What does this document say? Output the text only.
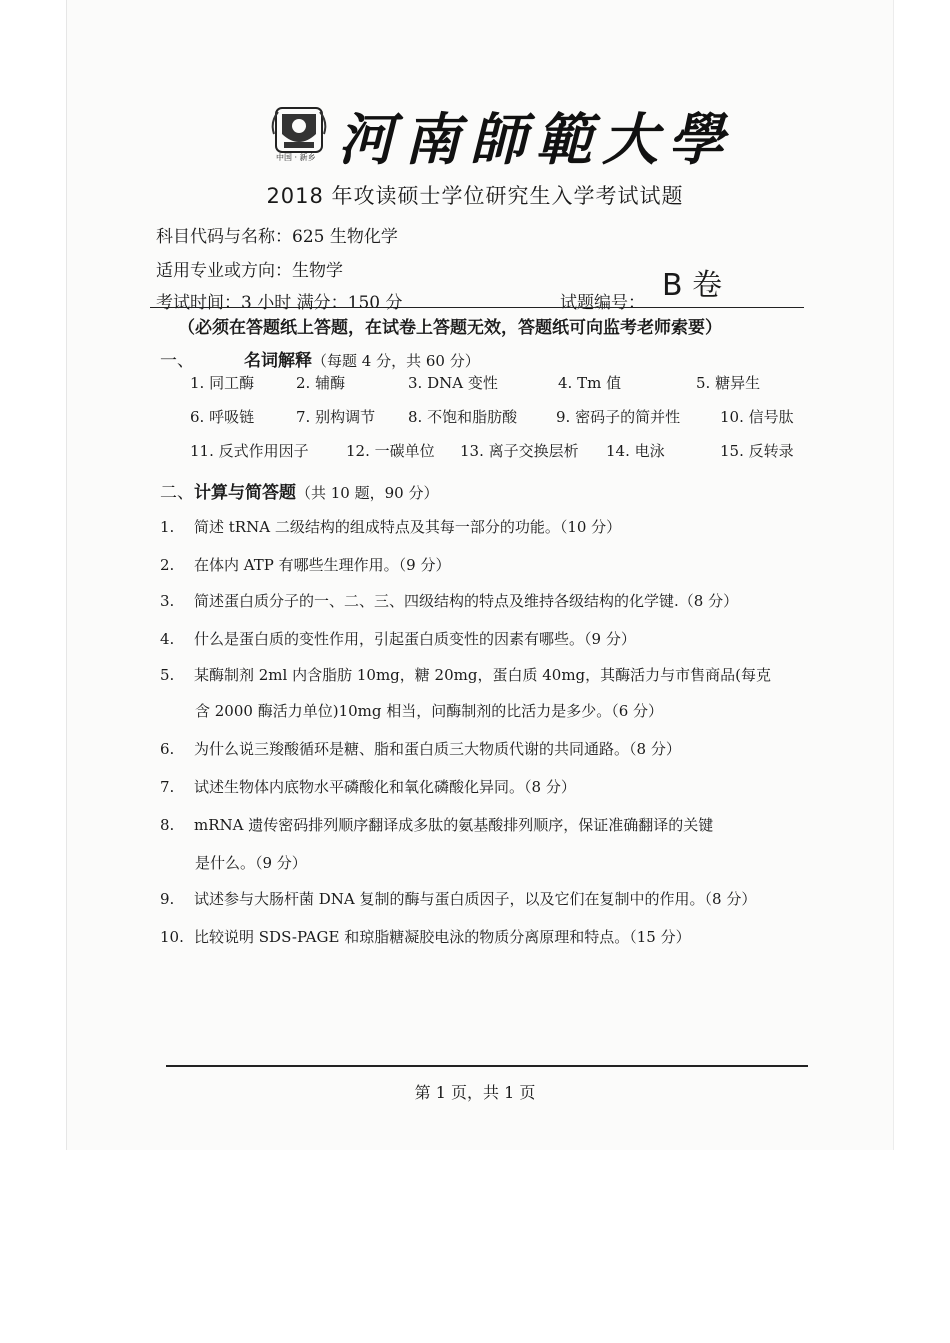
中国 · 新乡 河南師範大學
2018 年攻读硕士学位研究生入学考试试题
科目代码与名称：625 生物化学
适用专业或方向：生物学
考试时间：3 小时 满分：150 分	试题编号： B 卷
（必须在答题纸上答题，在试卷上答题无效，答题纸可向监考老师索要）
一、	名词解释（每题 4 分，共 60 分）
1. 同工酶	2. 辅酶	3. DNA 变性	4. Tm 值	5. 糖异生
6. 呼吸链	7. 别构调节 8. 不饱和脂肪酸	9. 密码子的简并性	10. 信号肽
11. 反式作用因子 12. 一碳单位 13. 离子交换层析 14. 电泳	15. 反转录
二、计算与简答题（共 10 题，90 分）
1. 简述 tRNA 二级结构的组成特点及其每一部分的功能。（10 分）
2. 在体内 ATP 有哪些生理作用。（9 分）
3. 简述蛋白质分子的一、二、三、四级结构的特点及维持各级结构的化学键.（8 分）
4. 什么是蛋白质的变性作用，引起蛋白质变性的因素有哪些。（9 分）
5. 某酶制剂 2ml 内含脂肪 10mg，糖 20mg，蛋白质 40mg，其酶活力与市售商品(每克
含 2000 酶活力单位)10mg 相当，问酶制剂的比活力是多少。（6 分）
6. 为什么说三羧酸循环是糖、脂和蛋白质三大物质代谢的共同通路。（8 分）
7. 试述生物体内底物水平磷酸化和氧化磷酸化异同。（8 分）
8. mRNA 遗传密码排列顺序翻译成多肽的氨基酸排列顺序，保证准确翻译的关键
是什么。（9 分）
9. 试述参与大肠杆菌 DNA 复制的酶与蛋白质因子，以及它们在复制中的作用。（8 分）
10. 比较说明 SDS-PAGE 和琼脂糖凝胶电泳的物质分离原理和特点。（15 分）
第 1 页，共 1 页
